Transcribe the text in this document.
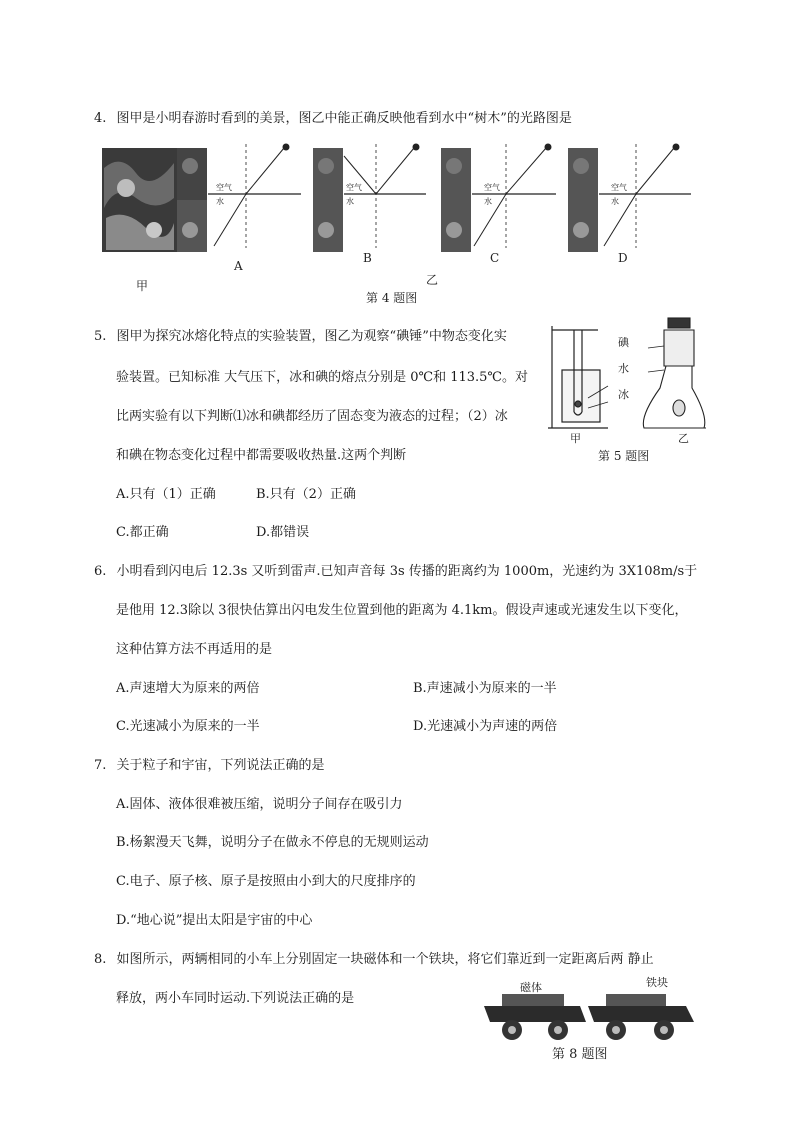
4. 图甲是小明春游时看到的美景，图乙中能正确反映他看到水中“树木”的光路图是
空气
水
空气
水
空气
水
空气
水
A
B	C	D
甲	乙
第 4 题图
5. 图甲为探究冰熔化特点的实验装置，图乙为观察“碘锤”中物态变化实
验装置。已知标准 大气压下，冰和碘的熔点分别是 0℃和 113.5℃。对
比两实验有以下判断⑴冰和碘都经历了固态变为液态的过程；（2）冰
和碘在物态变化过程中都需要吸收热量.这两个判断
A.只有（1）正确	B.只有（2）正确
C.都正确	D.都错误
碘
水
冰
甲	乙
第 5 题图
6. 小明看到闪电后 12.3s 又听到雷声.已知声音每 3s 传播的距离约为 1000m，光速约为 3X108m/s于
是他用 12.3除以 3很快估算出闪电发生位置到他的距离为 4.1km。假设声速或光速发生以下变化，
这种估算方法不再适用的是
A.声速增大为原来的两倍	B.声速减小为原来的一半
C.光速减小为原来的一半	D.光速减小为声速的两倍
7. 关于粒子和宇宙，下列说法正确的是
A.固体、液体很难被压缩，说明分子间存在吸引力
B.杨絮漫天飞舞，说明分子在做永不停息的无规则运动
C.电子、原子核、原子是按照由小到大的尺度排序的
D.“地心说”提出太阳是宇宙的中心
8. 如图所示，两辆相同的小车上分别固定一块磁体和一个铁块，将它们靠近到一定距离后两 静止
释放，两小车同时运动.下列说法正确的是
磁体	铁块
第 8 题图
